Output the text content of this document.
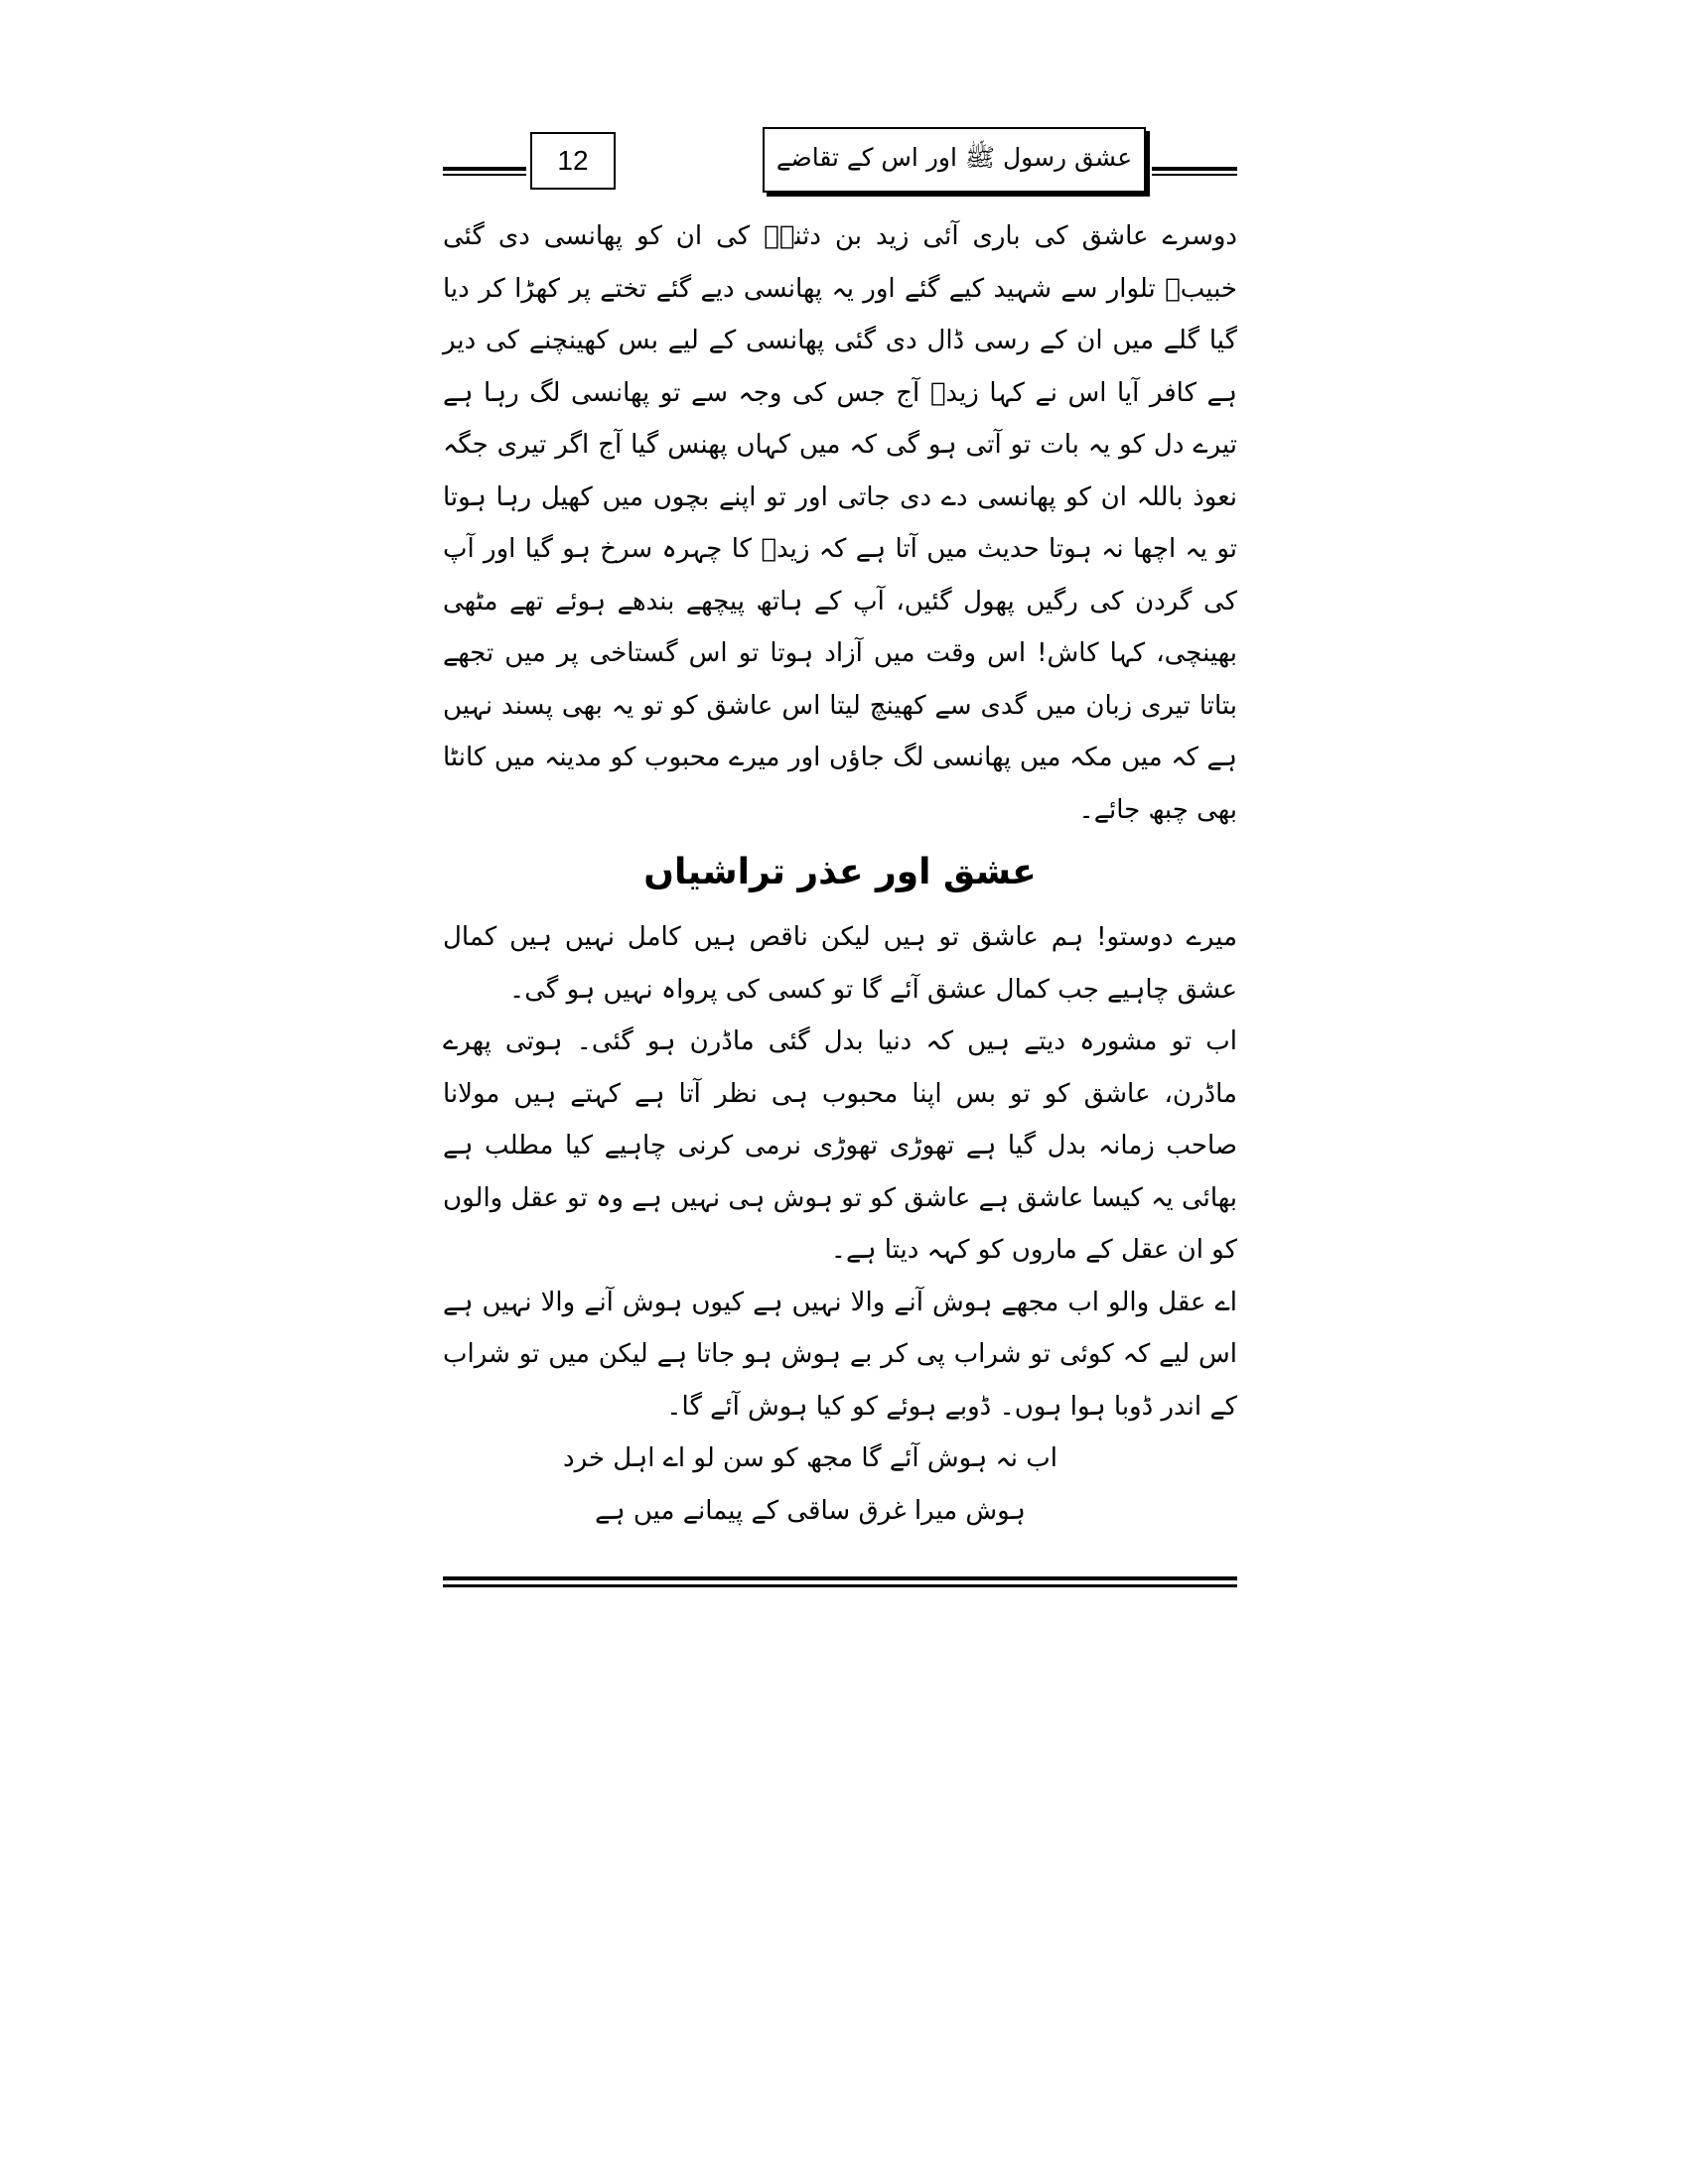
12	عشق رسول ﷺ اور اس کے تقاضے

دوسرے عاشق کی باری آئی زید بن دثنہؓ کی ان کو پھانسی دی گئی خبیبؓ تلوار سے شہید کیے گئے اور یہ پھانسی دیے گئے تختے پر کھڑا کر دیا گیا گلے میں ان کے رسی ڈال دی گئی پھانسی کے لیے بس کھینچنے کی دیر ہے کافر آیا اس نے کہا زیدؓ آج جس کی وجہ سے تو پھانسی لگ رہا ہے تیرے دل کو یہ بات تو آتی ہو گی کہ میں کہاں پھنس گیا آج اگر تیری جگہ نعوذ باللہ ان کو پھانسی دے دی جاتی اور تو اپنے بچوں میں کھیل رہا ہوتا تو یہ اچھا نہ ہوتا حدیث میں آتا ہے کہ زیدؓ کا چہرہ سرخ ہو گیا اور آپ کی گردن کی رگیں پھول گئیں، آپ کے ہاتھ پیچھے بندھے ہوئے تھے مٹھی بھینچی، کہا کاش! اس وقت میں آزاد ہوتا تو اس گستاخی پر میں تجھے بتاتا تیری زبان میں گدی سے کھینچ لیتا اس عاشق کو تو یہ بھی پسند نہیں ہے کہ میں مکہ میں پھانسی لگ جاؤں اور میرے محبوب کو مدینہ میں کانٹا بھی چبھ جائے۔

عشق اور عذر تراشیاں

میرے دوستو! ہم عاشق تو ہیں لیکن ناقص ہیں کامل نہیں ہیں کمال عشق چاہیے جب کمال عشق آئے گا تو کسی کی پرواہ نہیں ہو گی۔

اب تو مشورہ دیتے ہیں کہ دنیا بدل گئی ماڈرن ہو گئی۔ ہوتی پھرے ماڈرن، عاشق کو تو بس اپنا محبوب ہی نظر آتا ہے کہتے ہیں مولانا صاحب زمانہ بدل گیا ہے تھوڑی تھوڑی نرمی کرنی چاہیے کیا مطلب ہے بھائی یہ کیسا عاشق ہے عاشق کو تو ہوش ہی نہیں ہے وہ تو عقل والوں کو ان عقل کے ماروں کو کہہ دیتا ہے۔

اے عقل والو اب مجھے ہوش آنے والا نہیں ہے کیوں ہوش آنے والا نہیں ہے اس لیے کہ کوئی تو شراب پی کر بے ہوش ہو جاتا ہے لیکن میں تو شراب کے اندر ڈوبا ہوا ہوں۔ ڈوبے ہوئے کو کیا ہوش آئے گا۔

اب نہ ہوش آئے گا مجھ کو سن لو اے اہل خرد

ہوش میرا غرق ساقی کے پیمانے میں ہے
